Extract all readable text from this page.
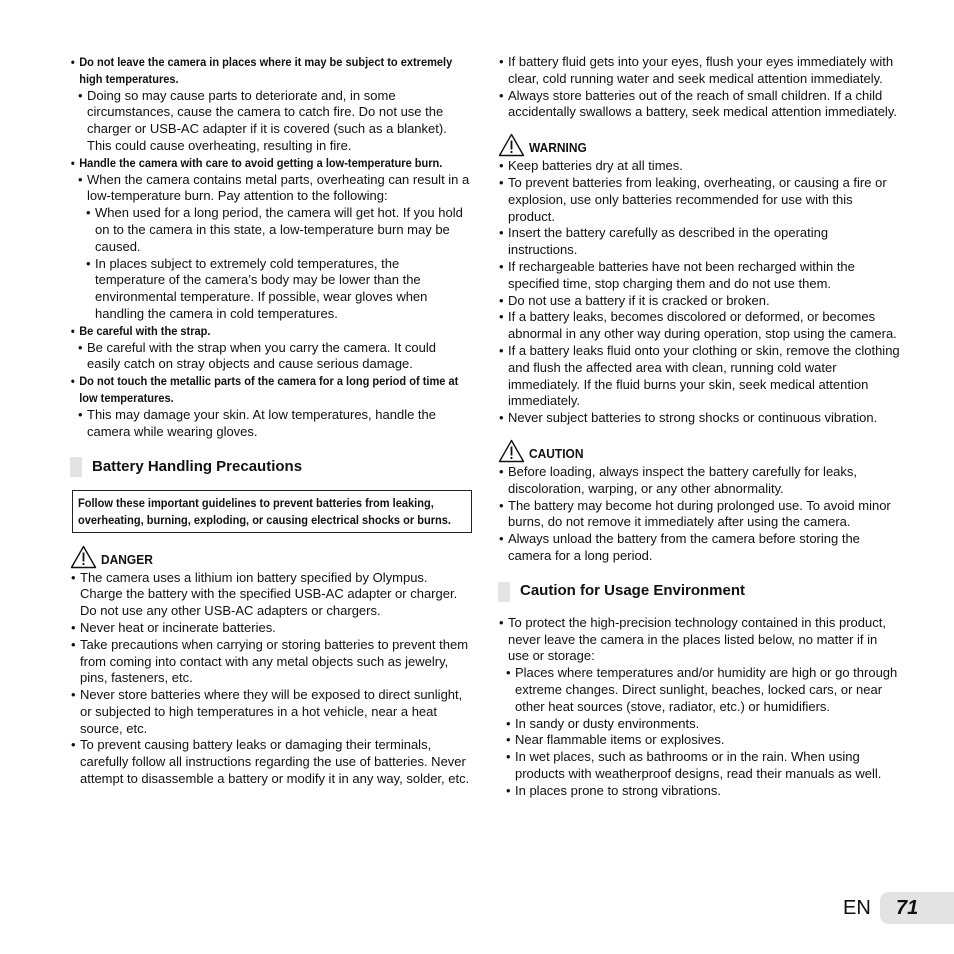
• Do not leave the camera in places where it may be subject to extremely high temperatures.
• Doing so may cause parts to deteriorate and, in some circumstances, cause the camera to catch fire. Do not use the charger or USB-AC adapter if it is covered (such as a blanket). This could cause overheating, resulting in fire.
• Handle the camera with care to avoid getting a low-temperature burn.
• When the camera contains metal parts, overheating can result in a low-temperature burn. Pay attention to the following:
• When used for a long period, the camera will get hot. If you hold on to the camera in this state, a low-temperature burn may be caused.
• In places subject to extremely cold temperatures, the temperature of the camera’s body may be lower than the environmental temperature. If possible, wear gloves when handling the camera in cold temperatures.
• Be careful with the strap.
• Be careful with the strap when you carry the camera. It could easily catch on stray objects and cause serious damage.
• Do not touch the metallic parts of the camera for a long period of time at low temperatures.
• This may damage your skin. At low temperatures, handle the camera while wearing gloves.
Battery Handling Precautions

Follow these important guidelines to prevent batteries from leaking, overheating, burning, exploding, or causing electrical shocks or burns.

DANGER
• The camera uses a lithium ion battery specified by Olympus. Charge the battery with the specified USB-AC adapter or charger. Do not use any other USB-AC adapters or chargers.
• Never heat or incinerate batteries.
• Take precautions when carrying or storing batteries to prevent them from coming into contact with any metal objects such as jewelry, pins, fasteners, etc.
• Never store batteries where they will be exposed to direct sunlight, or subjected to high temperatures in a hot vehicle, near a heat source, etc.
• To prevent causing battery leaks or damaging their terminals, carefully follow all instructions regarding the use of batteries. Never attempt to disassemble a battery or modify it in any way, solder, etc.
• If battery fluid gets into your eyes, flush your eyes immediately with clear, cold running water and seek medical attention immediately.
• Always store batteries out of the reach of small children. If a child accidentally swallows a battery, seek medical attention immediately.
WARNING
• Keep batteries dry at all times.
• To prevent batteries from leaking, overheating, or causing a fire or explosion, use only batteries recommended for use with this product.
• Insert the battery carefully as described in the operating instructions.
• If rechargeable batteries have not been recharged within the specified time, stop charging them and do not use them.
• Do not use a battery if it is cracked or broken.
• If a battery leaks, becomes discolored or deformed, or becomes abnormal in any other way during operation, stop using the camera.
• If a battery leaks fluid onto your clothing or skin, remove the clothing and flush the affected area with clean, running cold water immediately. If the fluid burns your skin, seek medical attention immediately.
• Never subject batteries to strong shocks or continuous vibration.
CAUTION
• Before loading, always inspect the battery carefully for leaks, discoloration, warping, or any other abnormality.
• The battery may become hot during prolonged use. To avoid minor burns, do not remove it immediately after using the camera.
• Always unload the battery from the camera before storing the camera for a long period.
Caution for Usage Environment
• To protect the high-precision technology contained in this product, never leave the camera in the places listed below, no matter if in use or storage:
• Places where temperatures and/or humidity are high or go through extreme changes. Direct sunlight, beaches, locked cars, or near other heat sources (stove, radiator, etc.) or humidifiers.
• In sandy or dusty environments.
• Near flammable items or explosives.
• In wet places, such as bathrooms or in the rain. When using products with weatherproof designs, read their manuals as well.
• In places prone to strong vibrations.
EN	71
